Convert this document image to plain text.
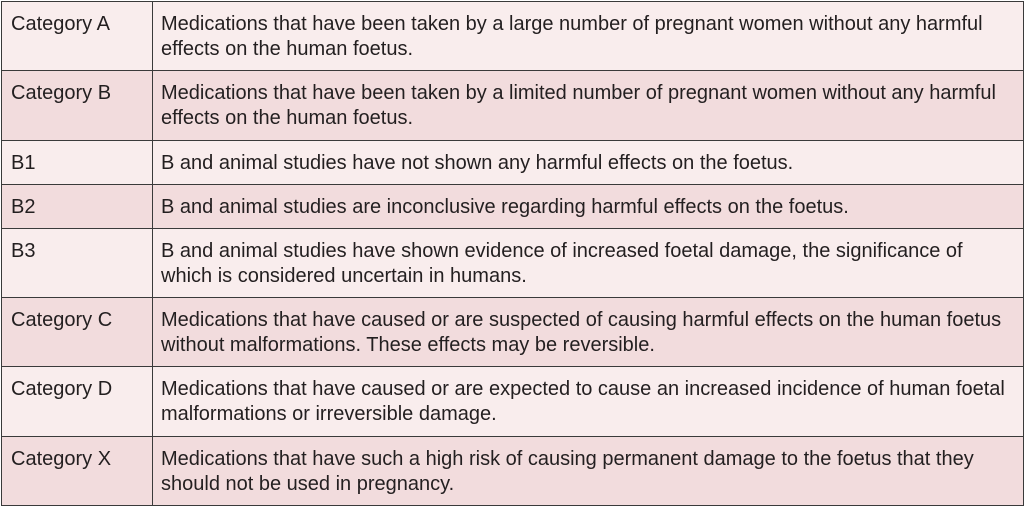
Category A	Medications that have been taken by a large number of pregnant women without any harmful effects on the human foetus.
Category B	Medications that have been taken by a limited number of pregnant women without any harmful effects on the human foetus.
B1	B and animal studies have not shown any harmful effects on the foetus.
B2	B and animal studies are inconclusive regarding harmful effects on the foetus.
B3	B and animal studies have shown evidence of increased foetal damage, the significance of which is considered uncertain in humans.
Category C	Medications that have caused or are suspected of causing harmful effects on the human foetus without malformations. These effects may be reversible.
Category D	Medications that have caused or are expected to cause an increased incidence of human foetal malformations or irreversible damage.
Category X	Medications that have such a high risk of causing permanent damage to the foetus that they should not be used in pregnancy.
